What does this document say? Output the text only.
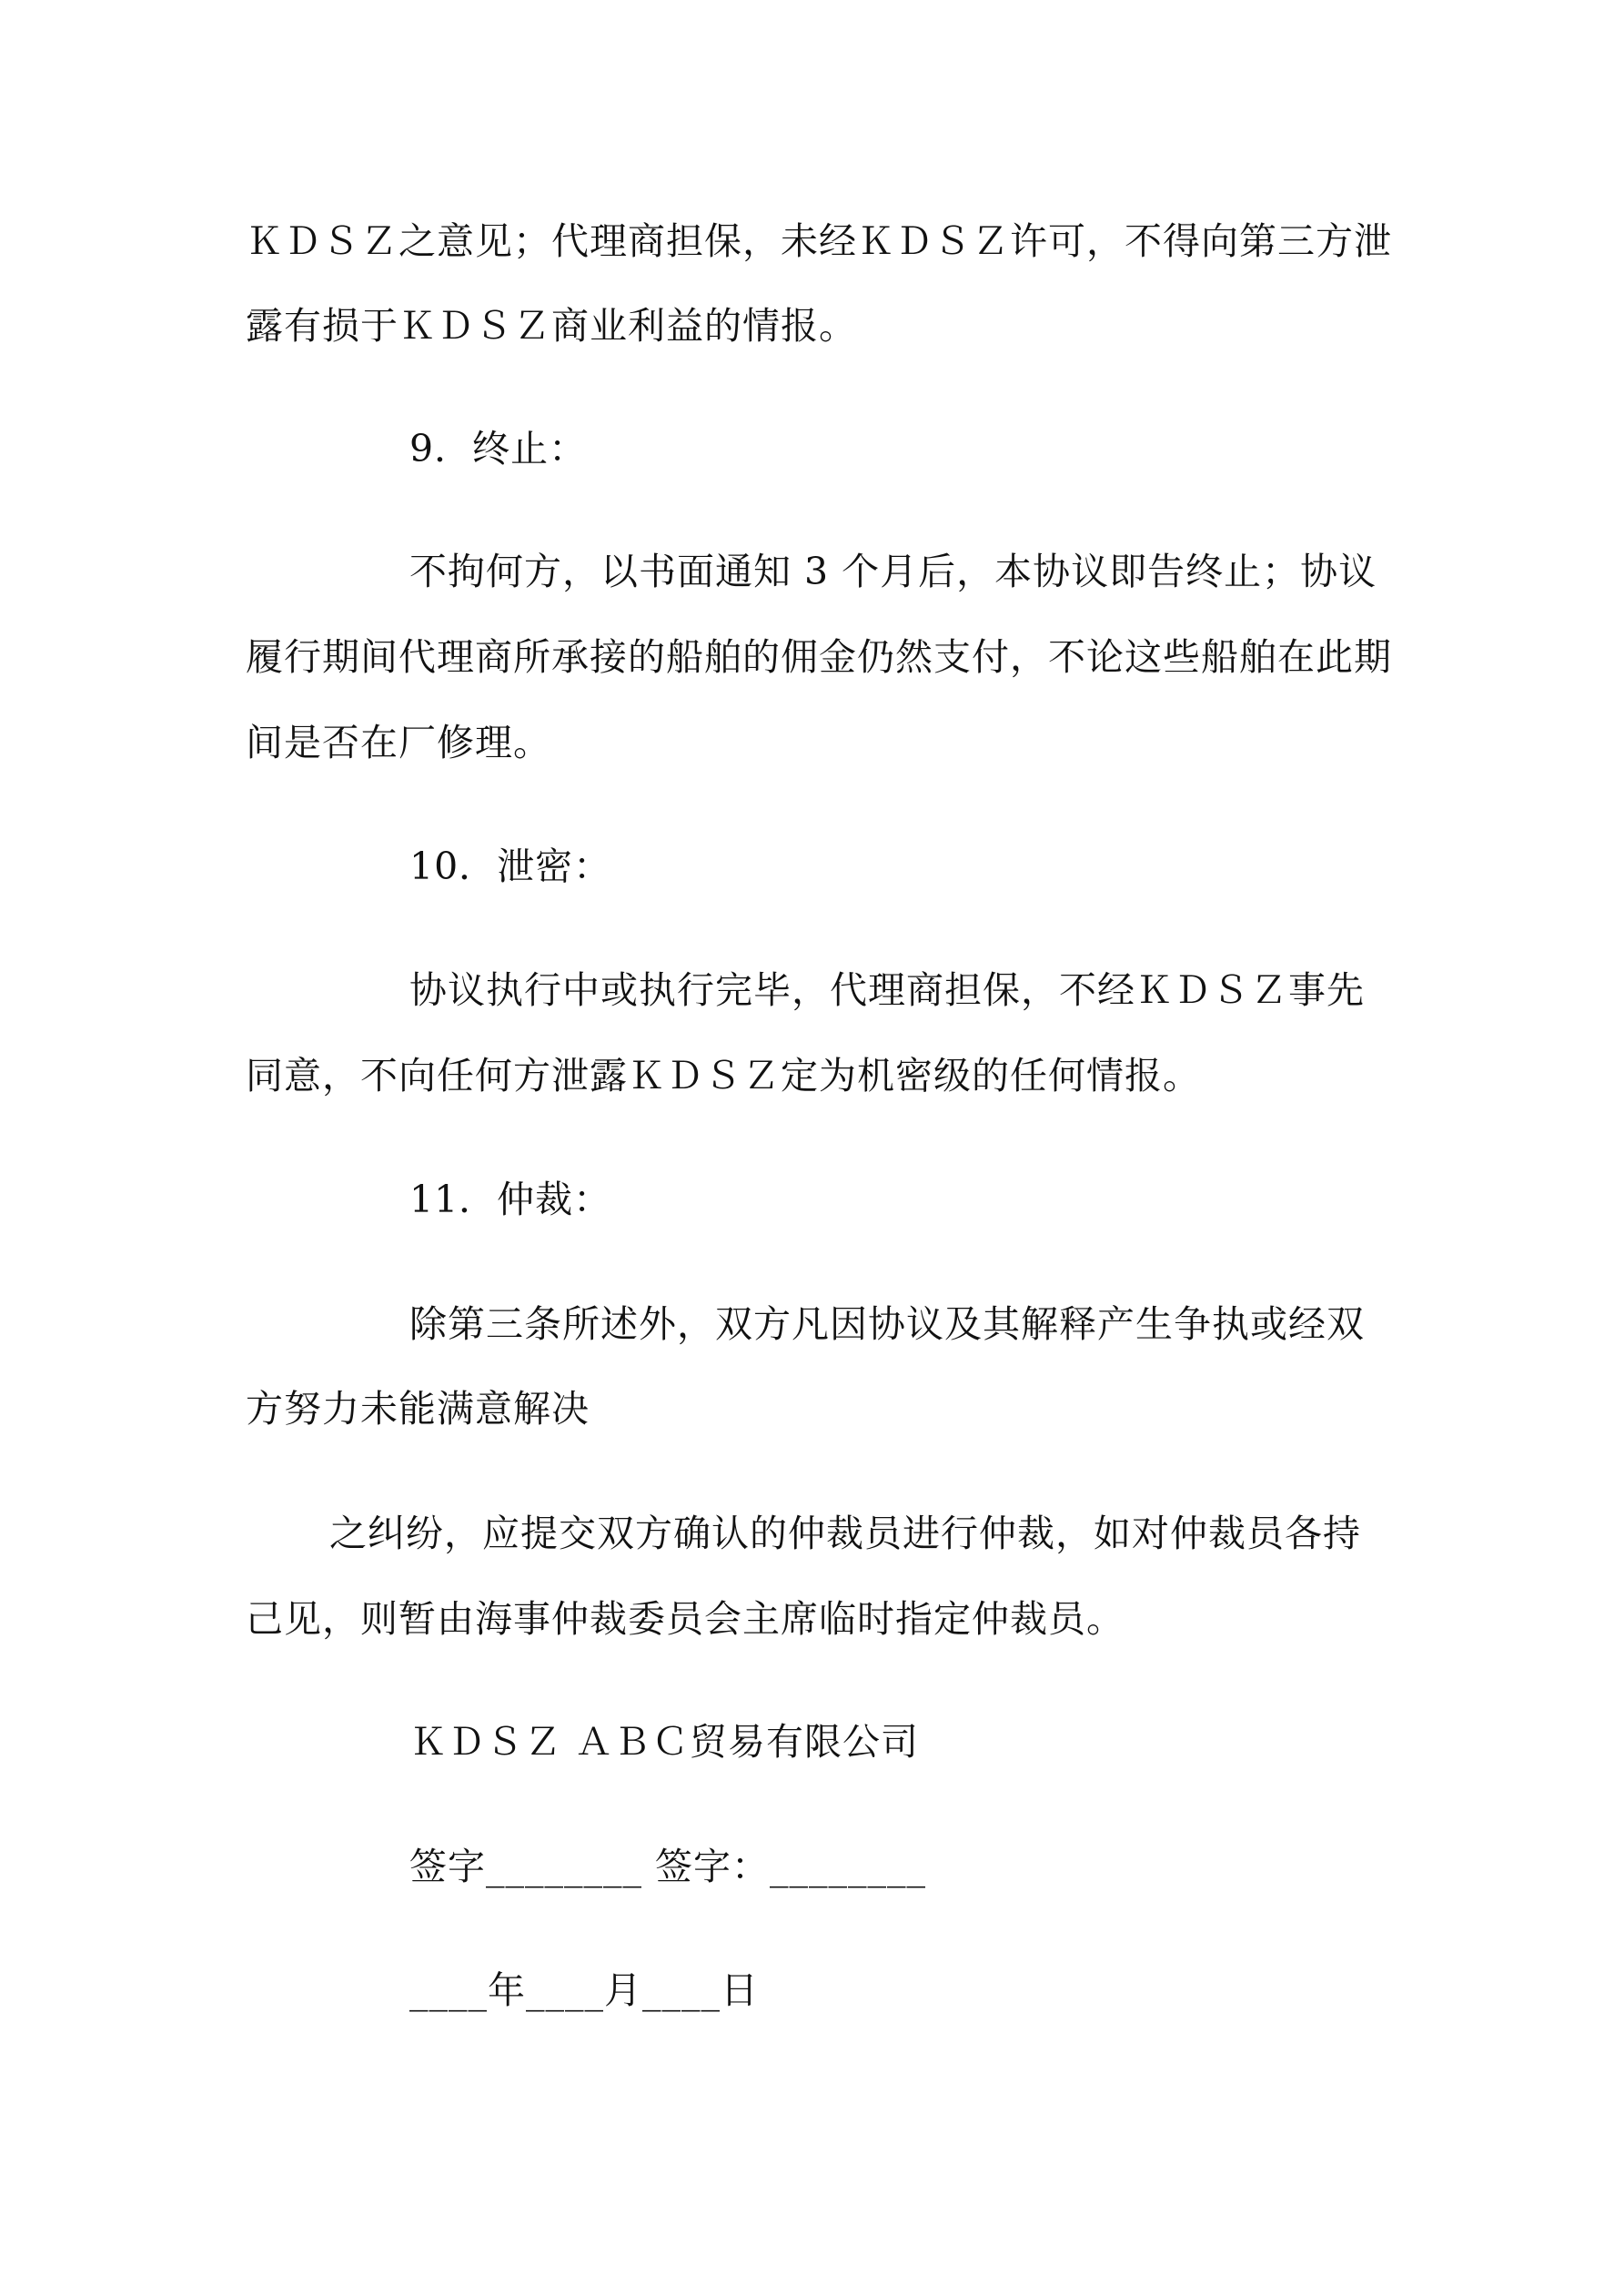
ＫＤＳＺ之意见；代理商担保，未经ＫＤＳＺ许可，不得向第三方泄
露有损于ＫＤＳＺ商业利益的情报。
9．终止：
不拘何方，以书面通知 3 个月后，本协议即告终止；协议
履行期间代理商所承接的船舶的佣金仍然支付，不论这些船舶在此期
间是否在厂修理。
10．泄密：
协议执行中或执行完毕，代理商担保，不经ＫＤＳＺ事先
同意，不向任何方泄露ＫＤＳＺ定为机密级的任何情报。
11．仲裁：
除第三条所述外，双方凡因协议及其解释产生争执或经双
方努力未能满意解决
之纠纷，应提交双方确认的仲裁员进行仲裁，如对仲裁员各持
己见，则暂由海事仲裁委员会主席临时指定仲裁员。
ＫＤＳＺ ＡＢＣ贸易有限公司
签字________ 签字：________
____年____月____日
